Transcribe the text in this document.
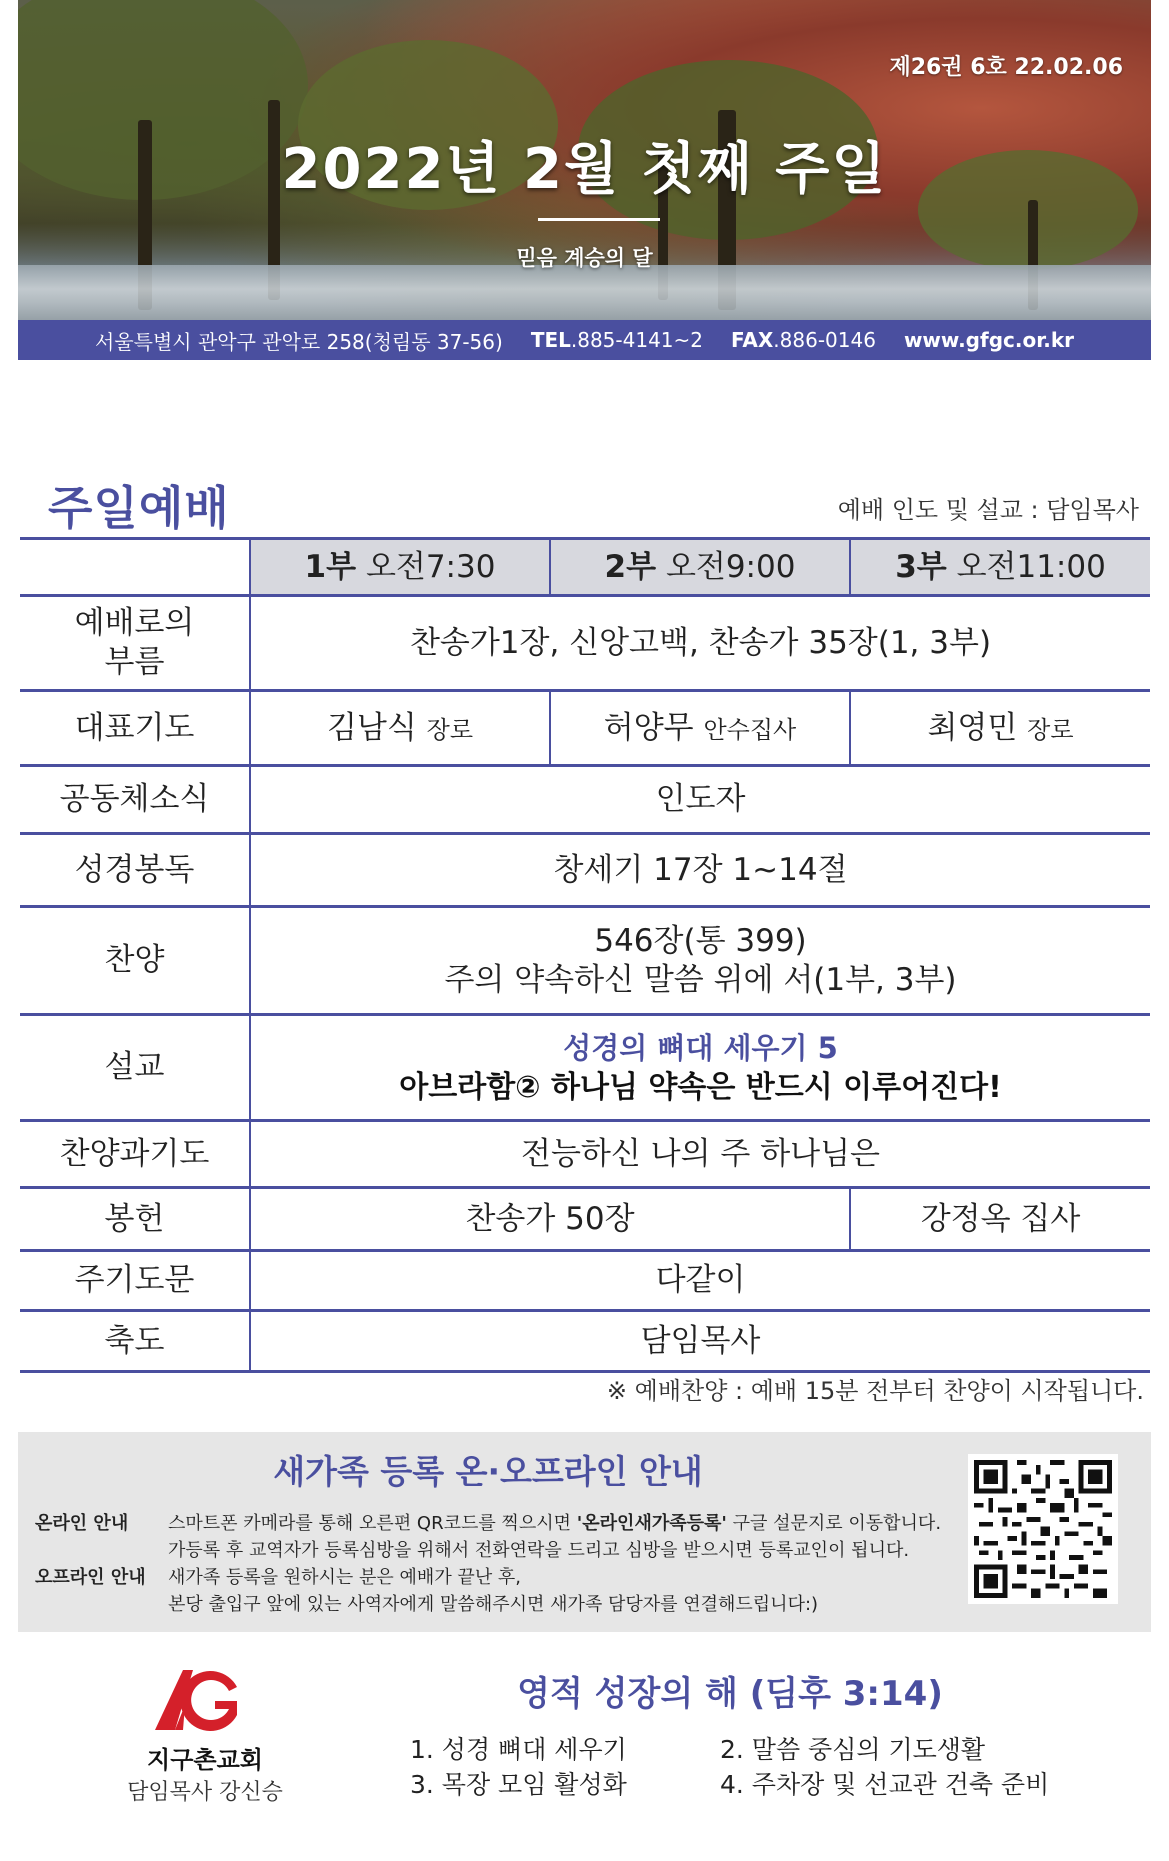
제26권 6호 22.02.06
2022년 2월 첫째 주일
믿음 계승의 달
서울특별시 관악구 관악로 258(청림동 37-56) TEL.885-4141~2 FAX.886-0146 www.gfgc.or.kr
주일예배	예배 인도 및 설교 : 담임목사
	1부 오전7:30	2부 오전9:00	3부 오전11:00
예배로의
부름	찬송가1장, 신앙고백, 찬송가 35장(1, 3부)		
대표기도	김남식 장로	허양무 안수집사	최영민 장로
공동체소식	인도자		
성경봉독	창세기 17장 1~14절		
찬양	546장(통 399)
주의 약속하신 말씀 위에 서(1부, 3부)		
설교	성경의 뼈대 세우기 5
아브라함② 하나님 약속은 반드시 이루어진다!		
찬양과기도	전능하신 나의 주 하나님은		
봉헌	찬송가 50장		강정옥 집사
주기도문	다같이		
축도	담임목사		
※ 예배찬양 : 예배 15분 전부터 찬양이 시작됩니다.
새가족 등록 온·오프라인 안내
온라인 안내 스마트폰 카메라를 통해 오른편 QR코드를 찍으시면 '온라인새가족등록' 구글 설문지로 이동합니다.
가등록 후 교역자가 등록심방을 위해서 전화연락을 드리고 심방을 받으시면 등록교인이 됩니다.
오프라인 안내 새가족 등록을 원하시는 분은 예배가 끝난 후,
본당 출입구 앞에 있는 사역자에게 말씀해주시면 새가족 담당자를 연결해드립니다:)
지구촌교회
담임목사 강신승
영적 성장의 해 (딤후 3:14)
1. 성경 뼈대 세우기	2. 말씀 중심의 기도생활
3. 목장 모임 활성화	4. 주차장 및 선교관 건축 준비
